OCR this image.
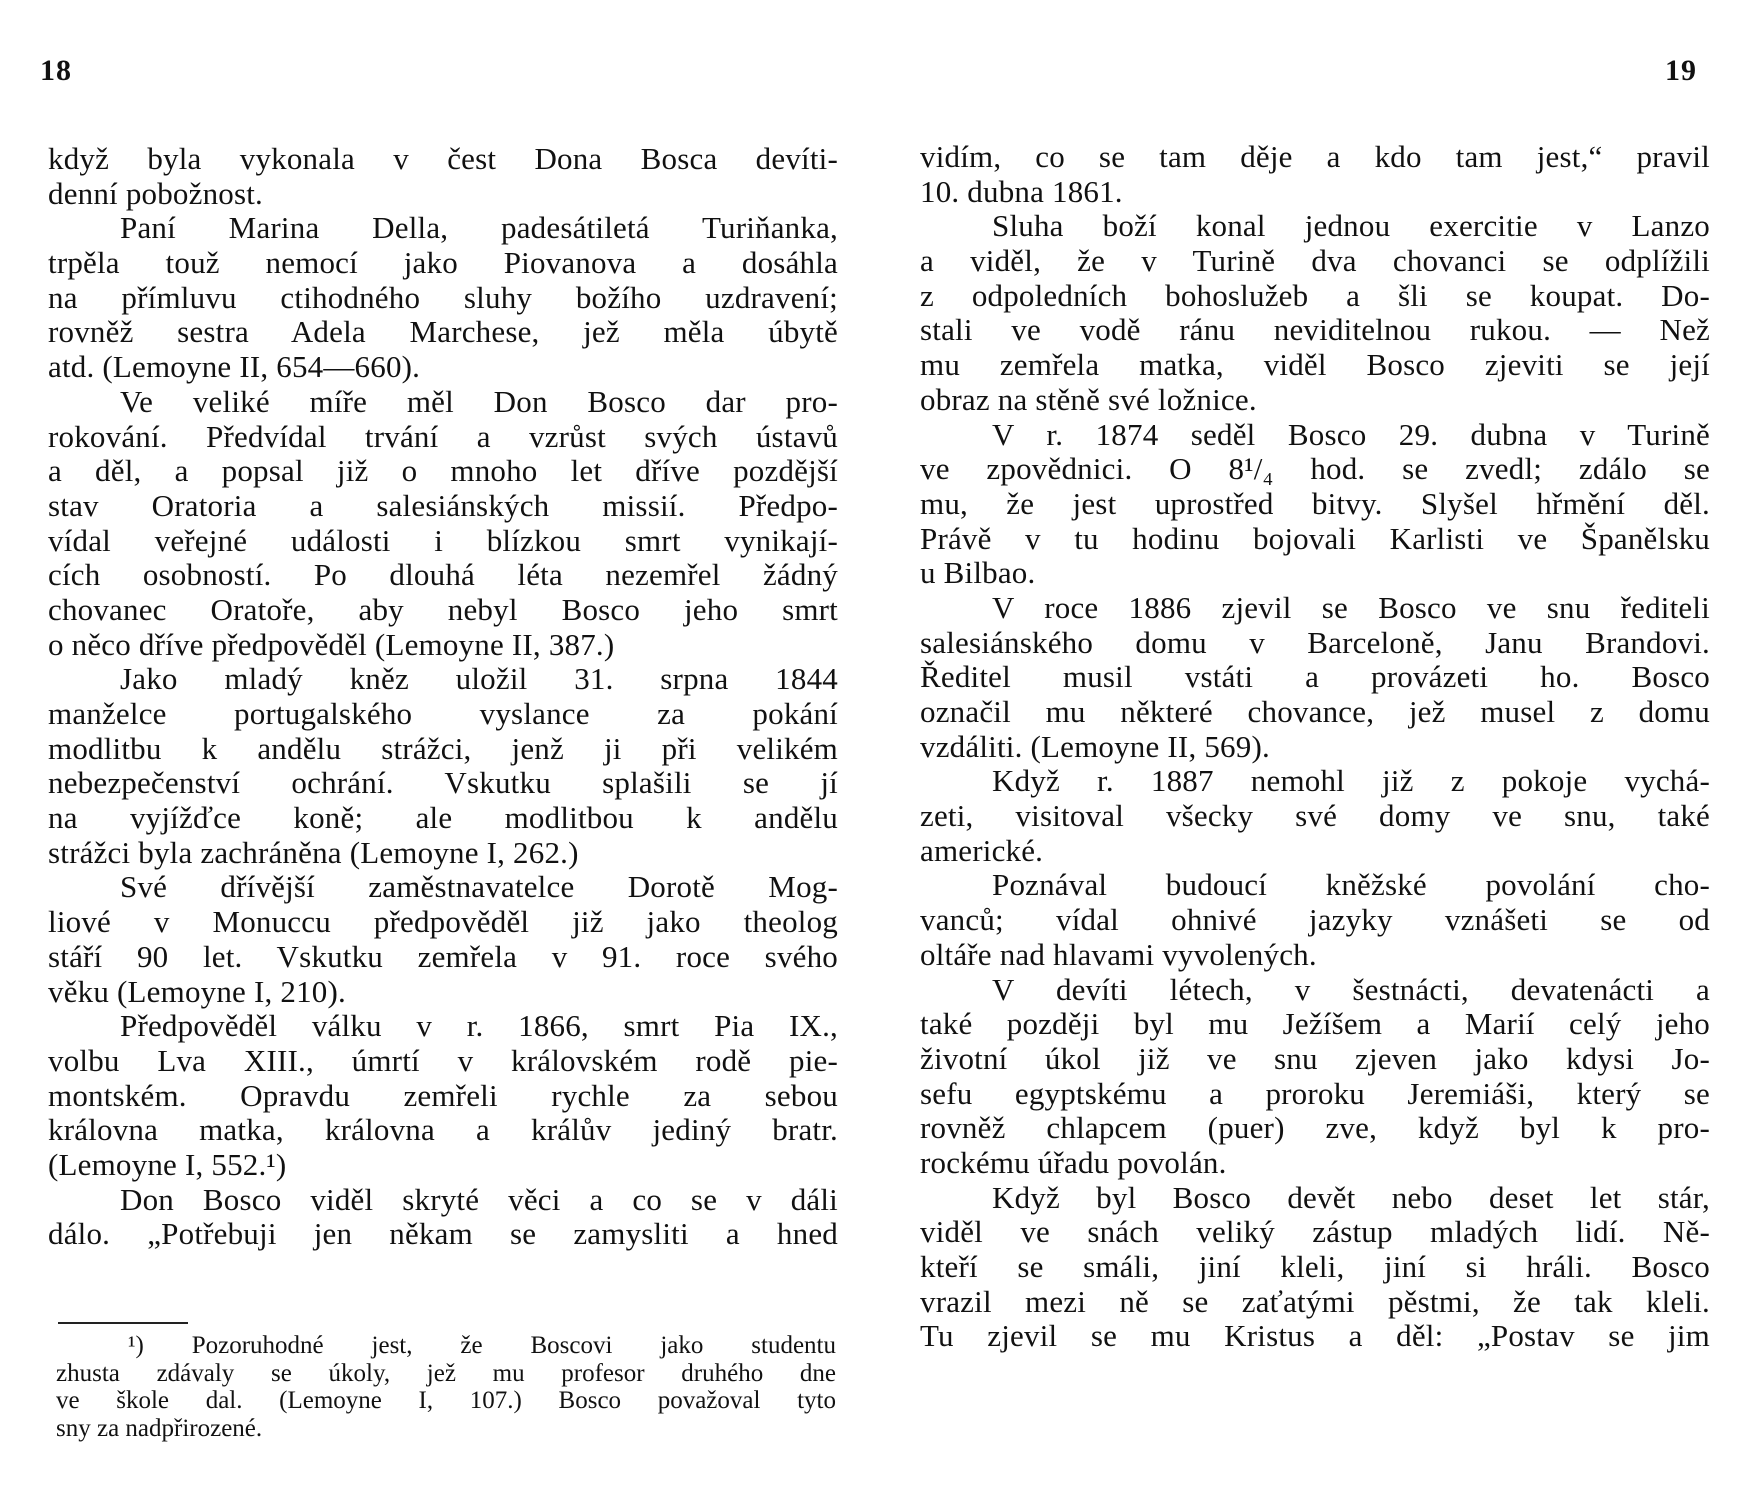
18
když byla vykonala v čest Dona Bosca devíti-
denní pobožnost.
Paní Marina Della, padesátiletá Turiňanka,
trpěla touž nemocí jako Piovanova a dosáhla
na přímluvu ctihodného sluhy božího uzdravení;
rovněž sestra Adela Marchese, jež měla úbytě
atd. (Lemoyne II, 654—660).
Ve veliké míře měl Don Bosco dar pro-
rokování. Předvídal trvání a vzrůst svých ústavů
a děl, a popsal již o mnoho let dříve pozdější
stav Oratoria a salesiánských missií. Předpo-
vídal veřejné události i blízkou smrt vynikají-
cích osobností. Po dlouhá léta nezemřel žádný
chovanec Oratoře, aby nebyl Bosco jeho smrt
o něco dříve předpověděl (Lemoyne II, 387.)
Jako mladý kněz uložil 31. srpna 1844
manželce portugalského vyslance za pokání
modlitbu k andělu strážci, jenž ji při velikém
nebezpečenství ochrání. Vskutku splašili se jí
na vyjížďce koně; ale modlitbou k andělu
strážci byla zachráněna (Lemoyne I, 262.)
Své dřívější zaměstnavatelce Dorotě Mog-
liové v Monuccu předpověděl již jako theolog
stáří 90 let. Vskutku zemřela v 91. roce svého
věku (Lemoyne I, 210).
Předpověděl válku v r. 1866, smrt Pia IX.,
volbu Lva XIII., úmrtí v královském rodě pie-
montském. Opravdu zemřeli rychle za sebou
královna matka, královna a králův jediný bratr.
(Lemoyne I, 552.¹)
Don Bosco viděl skryté věci a co se v dáli
dálo. „Potřebuji jen někam se zamysliti a hned
¹) Pozoruhodné jest, že Boscovi jako studentu
zhusta zdávaly se úkoly, jež mu profesor druhého dne
ve škole dal. (Lemoyne I, 107.) Bosco považoval tyto
sny za nadpřirozené.
19
vidím, co se tam děje a kdo tam jest,“ pravil
10. dubna 1861.
Sluha boží konal jednou exercitie v Lanzo
a viděl, že v Turině dva chovanci se odplížili
z odpoledních bohoslužeb a šli se koupat. Do-
stali ve vodě ránu neviditelnou rukou. — Než
mu zemřela matka, viděl Bosco zjeviti se její
obraz na stěně své ložnice.
V r. 1874 seděl Bosco 29. dubna v Turině
ve zpovědnici. O 8¹/₄ hod. se zvedl; zdálo se
mu, že jest uprostřed bitvy. Slyšel hřmění děl.
Právě v tu hodinu bojovali Karlisti ve Španělsku
u Bilbao.
V roce 1886 zjevil se Bosco ve snu řediteli
salesiánského domu v Barceloně, Janu Brandovi.
Ředitel musil vstáti a provázeti ho. Bosco
označil mu některé chovance, jež musel z domu
vzdáliti. (Lemoyne II, 569).
Když r. 1887 nemohl již z pokoje vychá-
zeti, visitoval všecky své domy ve snu, také
americké.
Poznával budoucí kněžské povolání cho-
vanců; vídal ohnivé jazyky vznášeti se od
oltáře nad hlavami vyvolených.
V devíti létech, v šestnácti, devatenácti a
také později byl mu Ježíšem a Marií celý jeho
životní úkol již ve snu zjeven jako kdysi Jo-
sefu egyptskému a proroku Jeremiáši, který se
rovněž chlapcem (puer) zve, když byl k pro-
rockému úřadu povolán.
Když byl Bosco devět nebo deset let stár,
viděl ve snách veliký zástup mladých lidí. Ně-
kteří se smáli, jiní kleli, jiní si hráli. Bosco
vrazil mezi ně se zaťatými pěstmi, že tak kleli.
Tu zjevil se mu Kristus a děl: „Postav se jim
